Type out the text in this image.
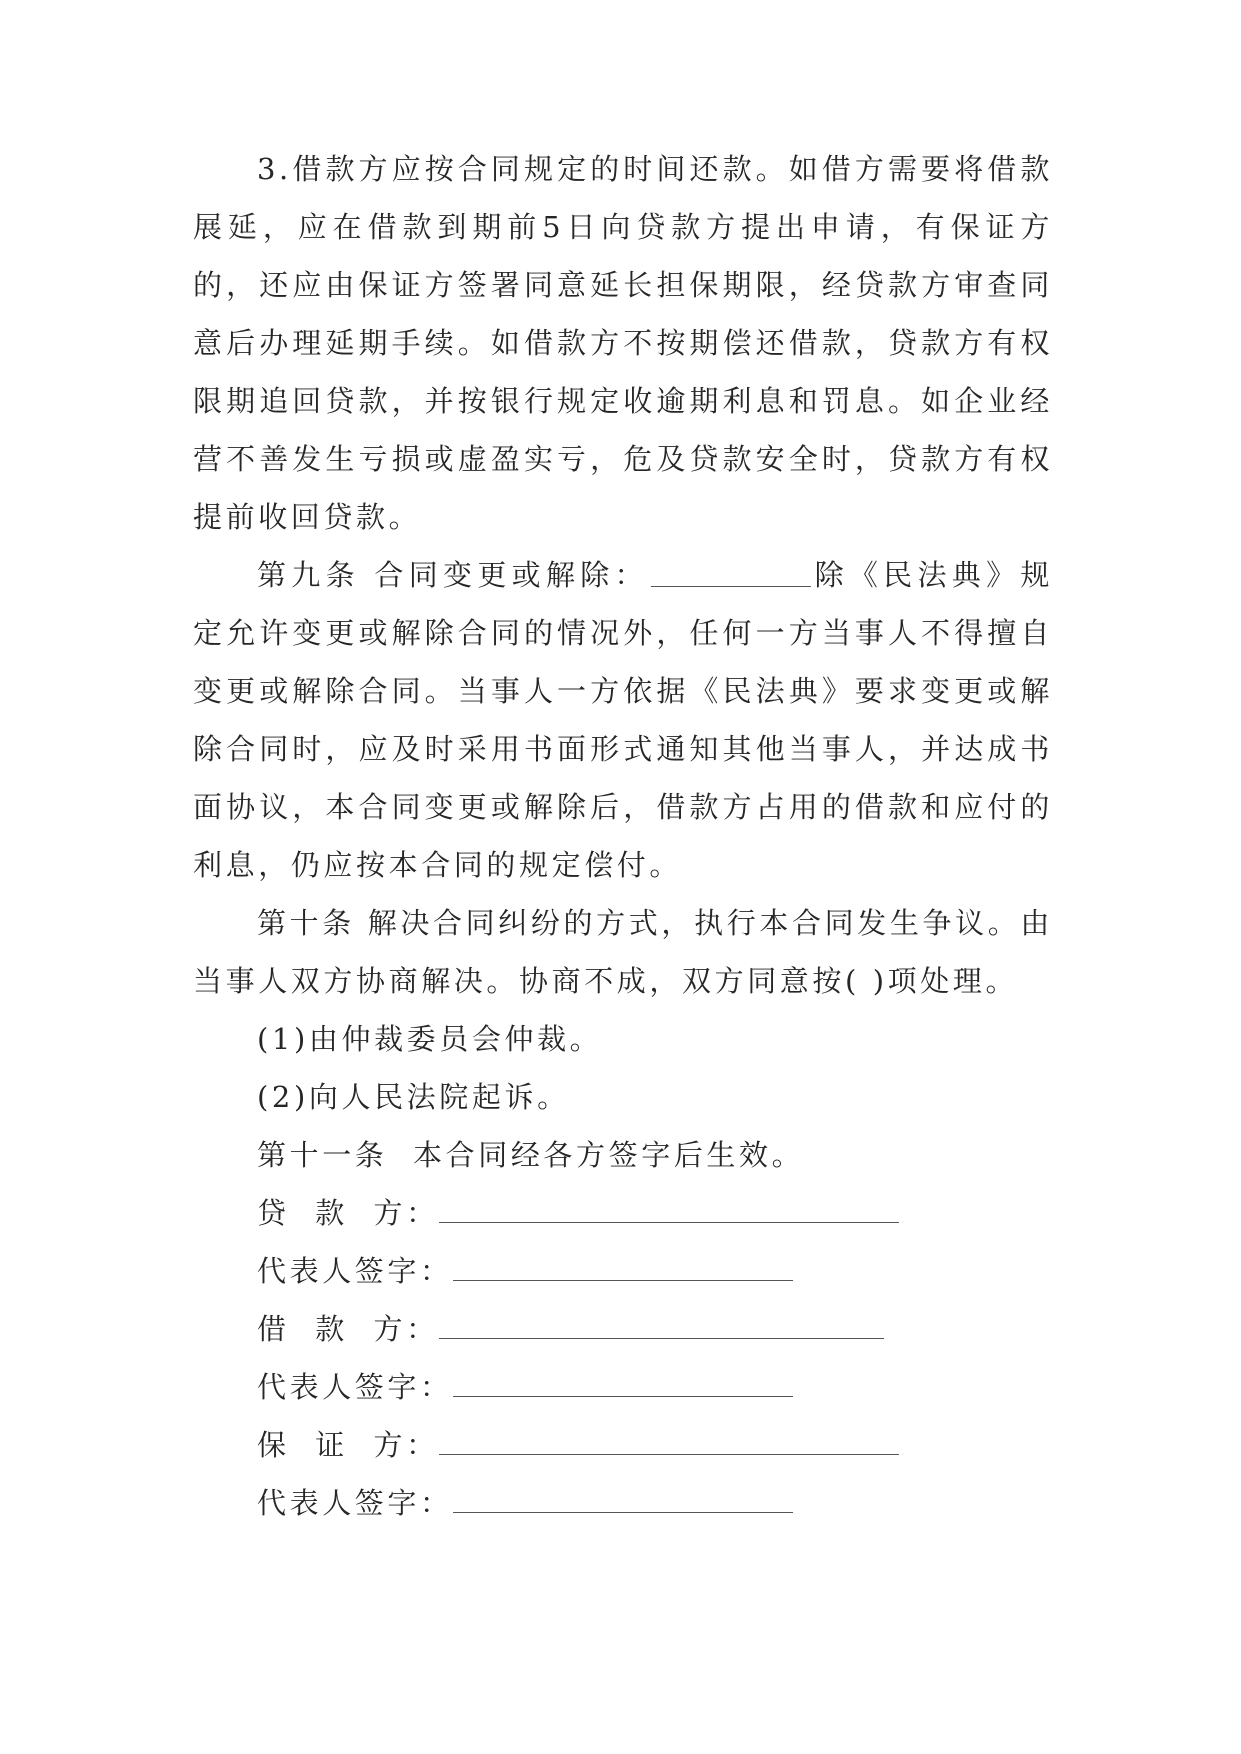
3.借款方应按合同规定的时间还款。如借方需要将借款展延，应在借款到期前5日向贷款方提出申请，有保证方的，还应由保证方签署同意延长担保期限，经贷款方审查同意后办理延期手续。如借款方不按期偿还借款，贷款方有权限期追回贷款，并按银行规定收逾期利息和罚息。如企业经营不善发生亏损或虚盈实亏，危及贷款安全时，贷款方有权提前收回贷款。

第九条 合同变更或解除：	除《民法典》规定允许变更或解除合同的情况外，任何一方当事人不得擅自变更或解除合同。当事人一方依据《民法典》要求变更或解除合同时，应及时采用书面形式通知其他当事人，并达成书面协议，本合同变更或解除后，借款方占用的借款和应付的利息，仍应按本合同的规定偿付。

第十条 解决合同纠纷的方式，执行本合同发生争议。由当事人双方协商解决。协商不成，双方同意按( )项处理。

(1)由仲裁委员会仲裁。

(2)向人民法院起诉。

第十一条  本合同经各方签字后生效。

贷  款  方：

代表人签字：

借  款  方：

代表人签字：

保  证  方：

代表人签字：
